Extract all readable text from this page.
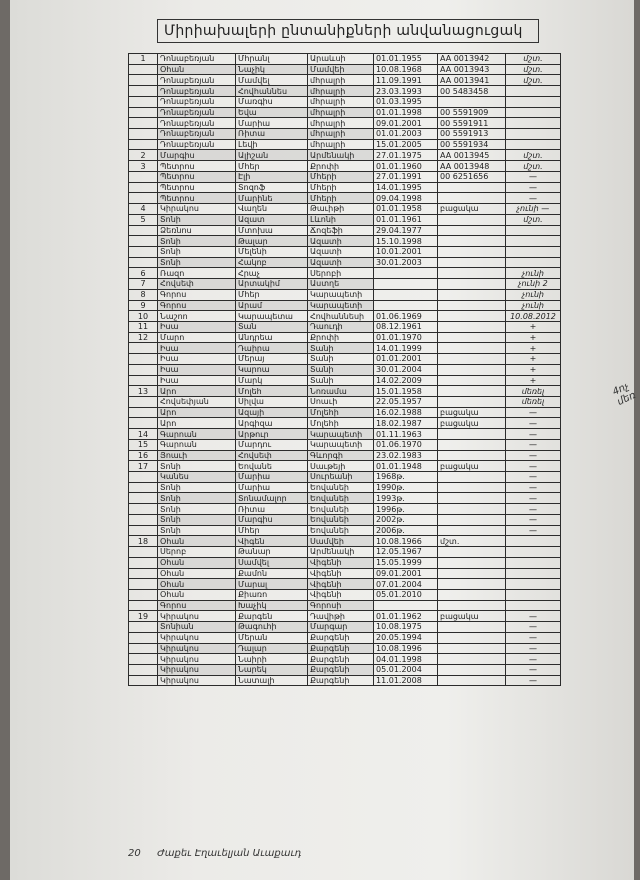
Միրիախալերի ընտանիքների անվանացուցակ
1	Դոնաբեռյան	Մհրանլ	Արաևսի	01.01.1955	AA 0013942	մշտ.
	Օհան	Նաչիկ	Մամվեի	10.08.1968	AA 0013943	մշտ.
	Դոնաբեռյան	Մամվել	մհրալրի	11.09.1991	AA 0013941	մշտ.
	Դոնաբեռյան	Հովհաննես	մհրալրի	23.03.1993	00 5483458	
	Դոնաբեռյան	Մառգիս	մհրալրի	01.03.1995		
	Դոնաբեռյան	Եվա	մհրալրի	01.01.1998	00 5591909	
	Դոնաբեռյան	Մարիա	մհրալրի	09.01.2001	00 5591911	
	Դոնաբեռյան	Ռիտա	մհրալրի	01.01.2003	00 5591913	
	Դոնաբեռյան	Լեվի	մհրալրի	15.01.2005	00 5591934	
2	Մարգիս	Ալիշան	Արմենակի	27.01.1975	AA 0013945	մշտ.
3	Պետրոս	Մհեր	Քրոփի	01.01.1960	AA 0013948	մշտ.
	Պետրոս	Էլի	Մհերի	27.01.1991	00 6251656	—
	Պետրոս	Տոզոֆ	Մհերի	14.01.1995		—
	Պետրոս	Մարինե	Մհերի	09.04.1998		—
4	Կիրակոս	Վաղեն	Թաւիթի	01.01.1958	բացակա	չունի —
5	Տոնի	Ազատ	Լևոնի	01.01.1961		մշտ.
	Ձեռնոս	Մտոխա	Ճոզեֆի	29.04.1977		
	Տոնի	Թալար	Ազատի	15.10.1998		
	Տոնի	Մելենի	Ազատի	10.01.2001		
	Տոնի	Հակոբ	Ազատի	30.01.2003		
6	Ռազո	Հրաչ	Սերոբի			չունի
7	Հովսեփ	Արտակիմ	Աստղե			չունի 2
8	Գորոս	Մհեր	Կարապետի			չունի
9	Գորոս	Արամ	Կարապետի			չունի
10	Նաշոո	Կարապետա	Հովհաննեսի	01.06.1969		10.08.2012
11	Իսա	Տան	Դաուդի	08.12.1961		+
12	Մարո	Անդրեա	Քրոփի	01.01.1970		+
	Իսա	Դաիրա	Տանի	14.01.1999		+
	Իսա	Մերայ	Տանի	01.01.2001		+
	Իսա	Կարոա	Տանի	30.01.2004		+
	Իսա	Մարկ	Տանի	14.02.2009		+
13	Արո	Մոլեհ	Նոռամա	15.01.1958		մեռել
	Հովսեփյան	Սիլվա	Սոաւի	22.05.1957		մեռել
	Արո	Ազայի	Մոլեհի	16.02.1988	բացակա	—
	Արո	Արգիզա	Մոլեհի	18.02.1987	բացակա	—
14	Գարոան	Արթուր	Կարապետի	01.11.1963		—
15	Գարոան	Մարդու	Կարապետի	01.06.1970		—
16	Յոաւի	Հովսեփ	Գևորգի	23.02.1983		—
17	Տոնի	Եովանե	Սաւթեյի	01.01.1948	բացակա	—
	Կանես	Մարիա	Սուրեանի	1968թ.		—
	Տոնի	Մարիա	Եովանեի	1990թ.		—
	Տոնի	Տոնամալոր	Եովանեի	1993թ.		—
	Տոնի	Ռիտա	Եովանեի	1996թ.		—
	Տոնի	Մարգիս	Եովանեի	2002թ.		—
	Տոնի	Մհեր	Եովանեի	2006թ.		—
18	Օհան	Վիգեն	Սամվեի	10.08.1966	մշտ.	
	Սերոբ	Թանար	Արմենակի	12.05.1967		
	Օհան	Սամվել	Վիգենի	15.05.1999		
	Օհան	Քամոն	Վիգենի	09.01.2001		
	Օհան	Մարալ	Վիգենի	07.01.2004		
	Օհան	Քիառո	Վիգենի	05.01.2010		
	Գորոս	Խաչիկ	Գորոսի			
19	Կիրակոս	Քարգեն	Դավիթի	01.01.1962	բացակա	—
	Տոնիան	Թագուհի	Մարգար	10.08.1975		—
	Կիրակոս	Մերան	Քարգենի	20.05.1994		—
	Կիրակոս	Դալար	Քարգենի	10.08.1996		—
	Կիրակոս	Նաիրի	Քարգենի	04.01.1998		—
	Կիրակոս	Նարեկ	Քարգենի	05.01.2004		—
	Կիրակոս	Նատալի	Քարգենի	11.01.2008		—
20 Ժաքեւ Էղաւելյան Աւաքաւդ
4ոչ մեռ
